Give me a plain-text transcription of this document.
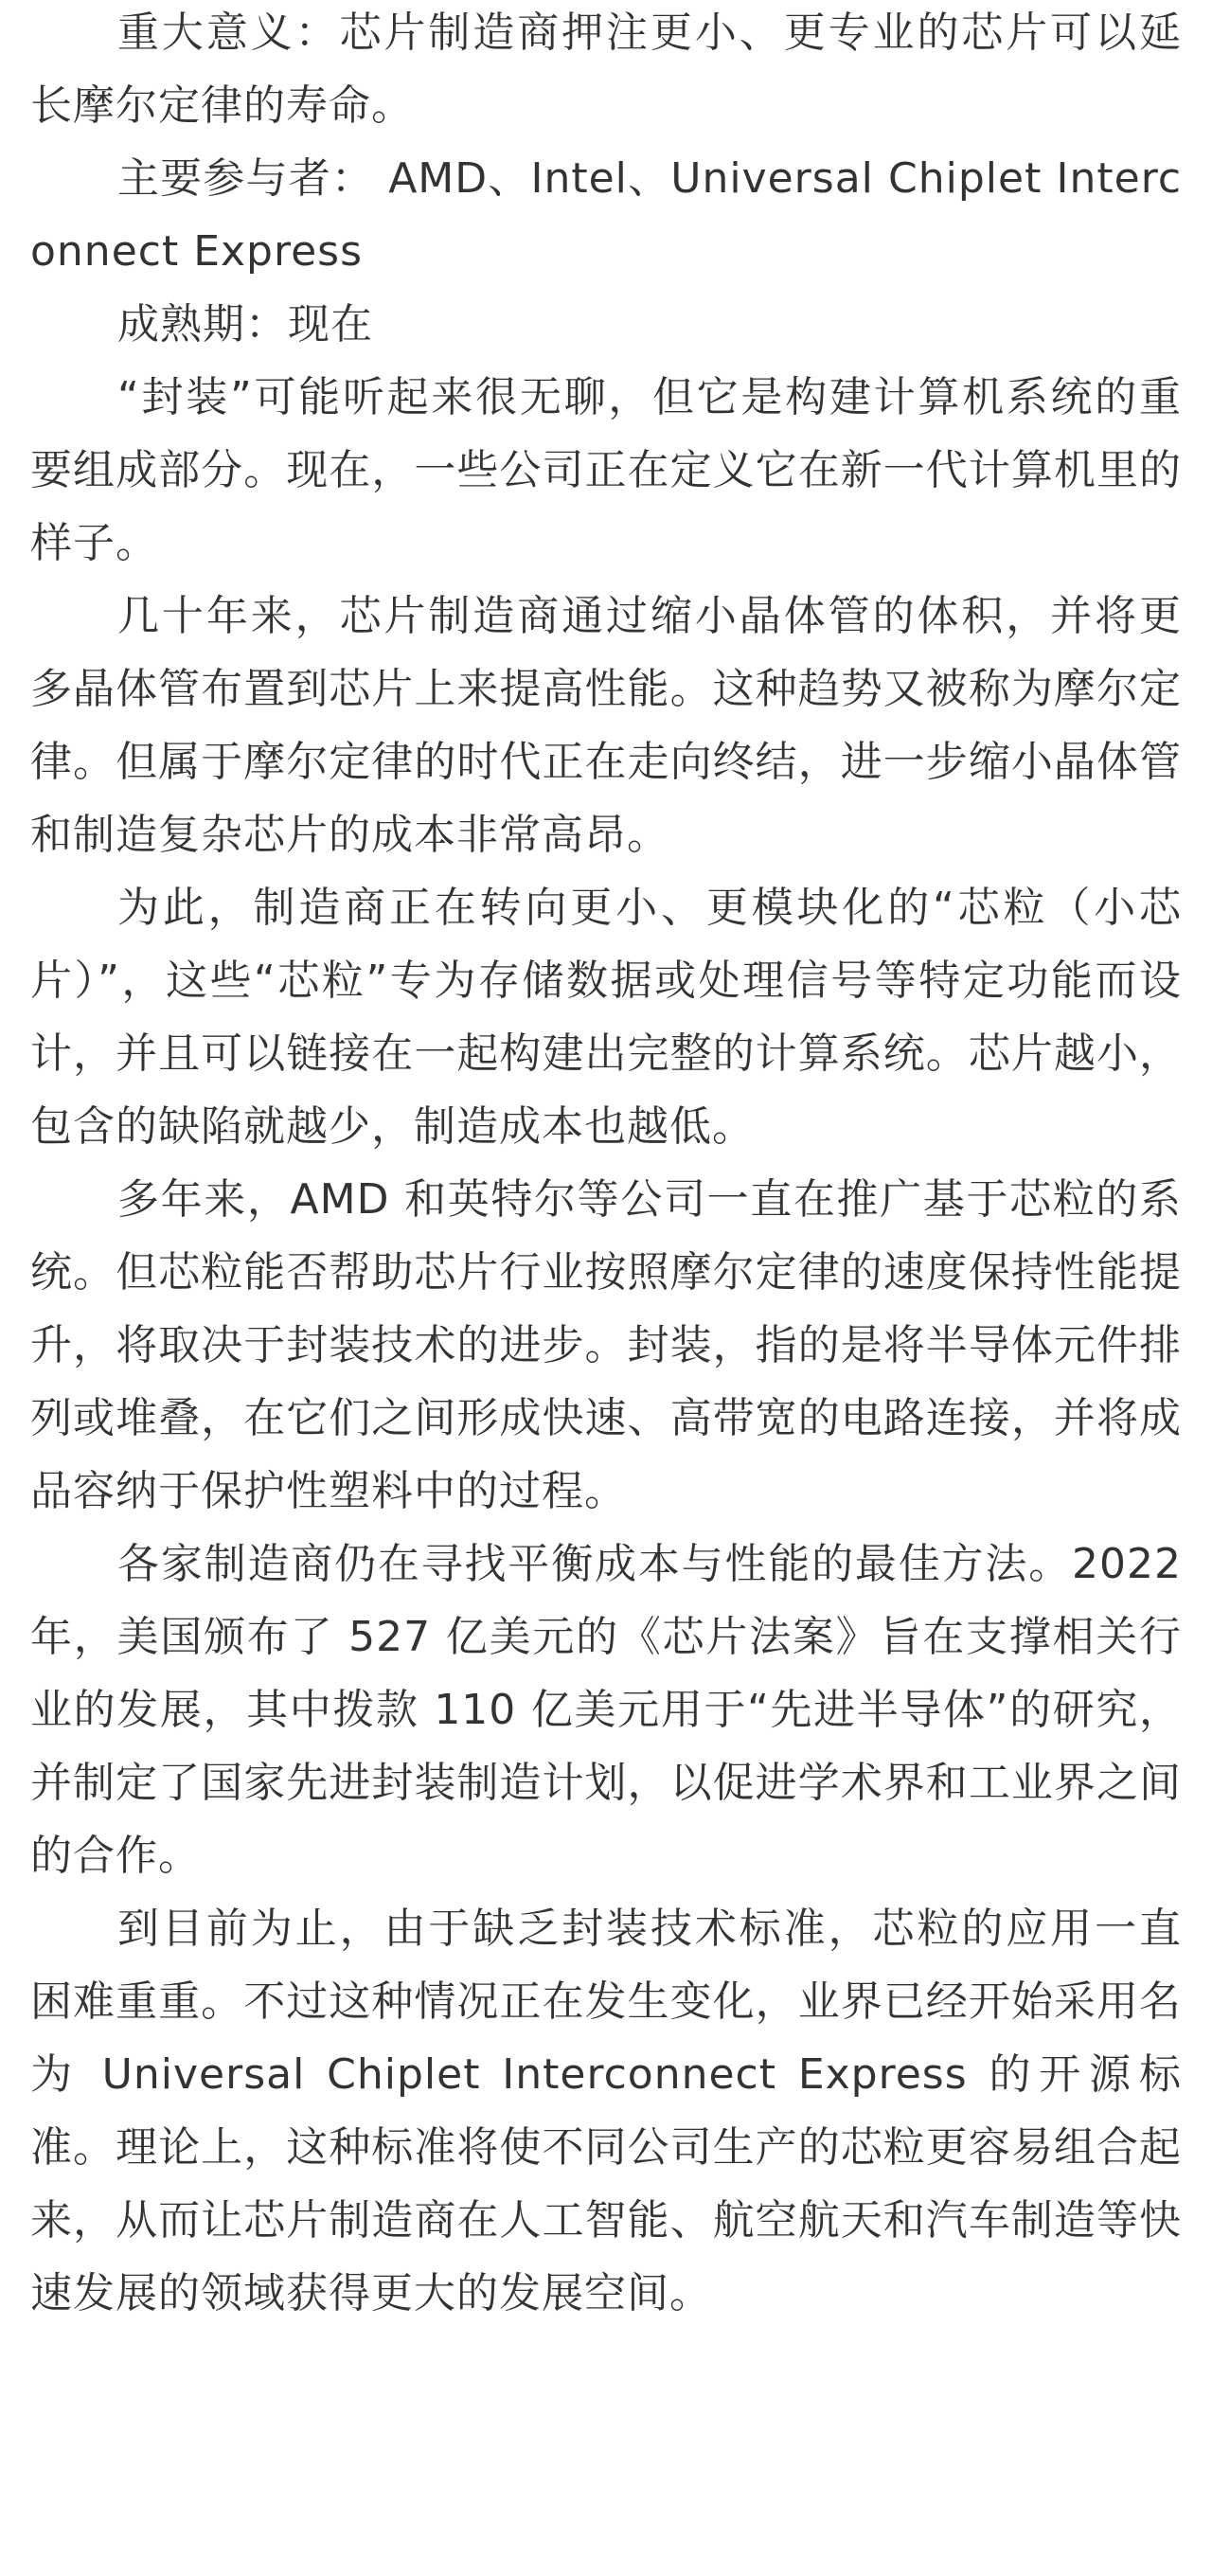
重大意义：芯片制造商押注更小、更专业的芯片可以延长摩尔定律的寿命。

主要参与者： AMD、Intel、Universal Chiplet Interconnect Express

成熟期：现在

“封装”可能听起来很无聊，但它是构建计算机系统的重要组成部分。现在，一些公司正在定义它在新一代计算机里的样子。

几十年来，芯片制造商通过缩小晶体管的体积，并将更多晶体管布置到芯片上来提高性能。这种趋势又被称为摩尔定律。但属于摩尔定律的时代正在走向终结，进一步缩小晶体管和制造复杂芯片的成本非常高昂。

为此，制造商正在转向更小、更模块化的“芯粒（小芯片）”，这些“芯粒”专为存储数据或处理信号等特定功能而设计，并且可以链接在一起构建出完整的计算系统。芯片越小，包含的缺陷就越少，制造成本也越低。

多年来，AMD 和英特尔等公司一直在推广基于芯粒的系统。但芯粒能否帮助芯片行业按照摩尔定律的速度保持性能提升，将取决于封装技术的进步。封装，指的是将半导体元件排列或堆叠，在它们之间形成快速、高带宽的电路连接，并将成品容纳于保护性塑料中的过程。

各家制造商仍在寻找平衡成本与性能的最佳方法。2022 年，美国颁布了 527 亿美元的《芯片法案》旨在支撑相关行业的发展，其中拨款 110 亿美元用于“先进半导体”的研究，并制定了国家先进封装制造计划，以促进学术界和工业界之间的合作。

到目前为止，由于缺乏封装技术标准，芯粒的应用一直困难重重。不过这种情况正在发生变化，业界已经开始采用名为 Universal Chiplet Interconnect Express 的开源标准。理论上，这种标准将使不同公司生产的芯粒更容易组合起来，从而让芯片制造商在人工智能、航空航天和汽车制造等快速发展的领域获得更大的发展空间。
